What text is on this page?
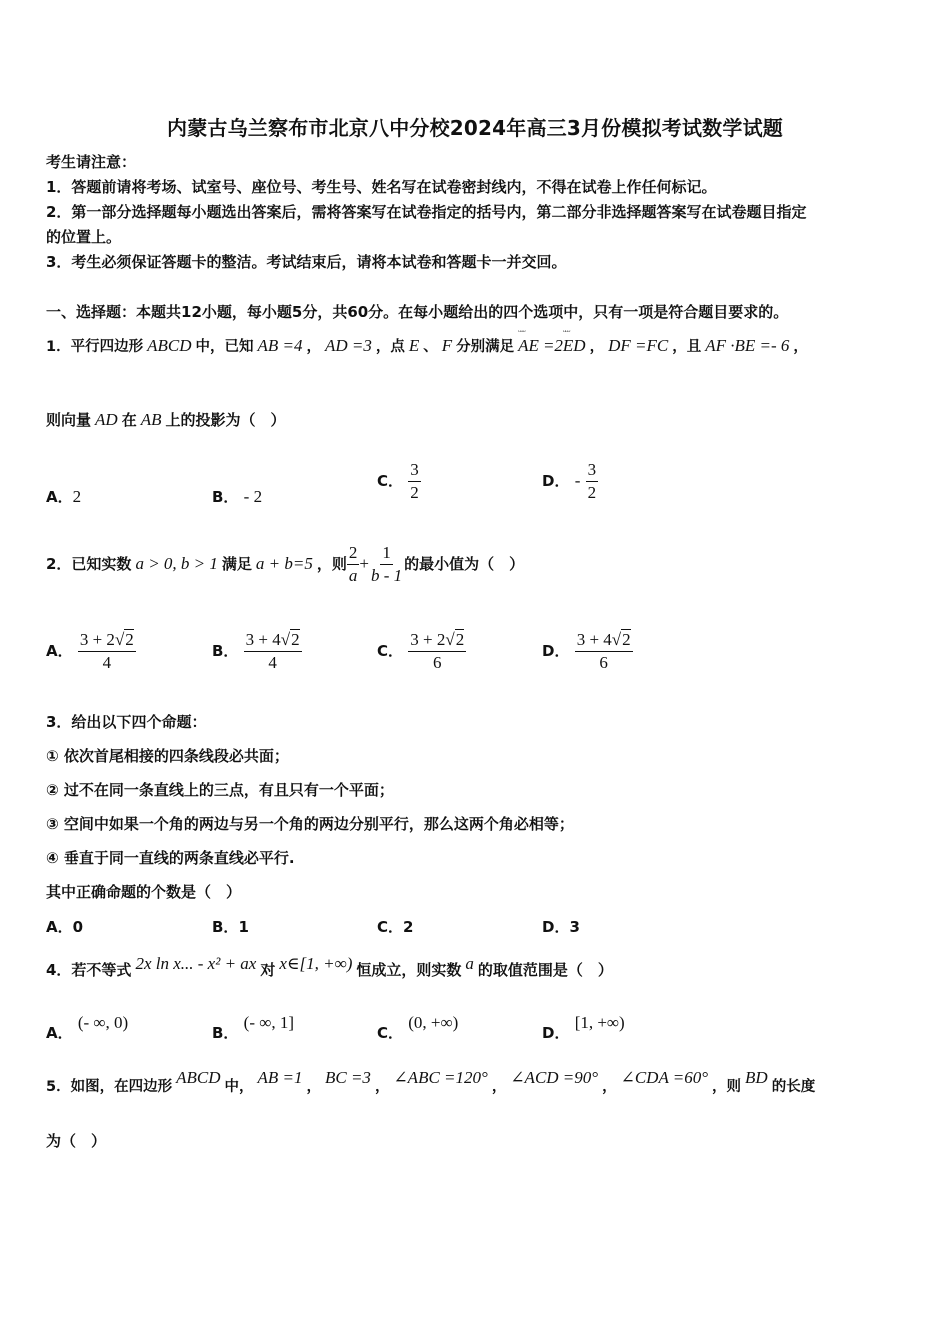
内蒙古乌兰察布市北京八中分校2024年高三3月份模拟考试数学试题
考生请注意：
1．答题前请将考场、试室号、座位号、考生号、姓名写在试卷密封线内，不得在试卷上作任何标记。
2．第一部分选择题每小题选出答案后，需将答案写在试卷指定的括号内，第二部分非选择题答案写在试卷题目指定
的位置上。
3．考生必须保证答题卡的整洁。考试结束后，请将本试卷和答题卡一并交回。
一、选择题：本题共12小题，每小题5分，共60分。在每小题给出的四个选项中，只有一项是符合题目要求的。
1．平行四边形 ABCD 中，已知 AB =4 ， AD =3 ，点 E 、 F 分别满足ᵕᵕᵕ AE =2ᵕᵕᵕ ED ， DF =FC ，且 AF ·BE =- 6 ，
则向量 AD 在 AB 上的投影为（　）
A．2	B． - 2
C． $\frac{3}{2}$	D． - $\frac{3}{2}$
2．已知实数 a > 0, b > 1 满足 a + b=5 ，则 $\frac{2}{a} + \frac{1}{b - 1}$ 的最小值为（　）
A． $\frac{3 + 2√2}{4}$	B． $\frac{3 + 4√2}{4}$	C． $\frac{3 + 2√2}{6}$	D． $\frac{3 + 4√2}{6}$
3．给出以下四个命题：
① 依次首尾相接的四条线段必共面；
② 过不在同一条直线上的三点，有且只有一个平面；
③ 空间中如果一个角的两边与另一个角的两边分别平行，那么这两个角必相等；
④ 垂直于同一直线的两条直线必平行.
其中正确命题的个数是（　）
A．0	B．1	C．2	D．3
4．若不等式 2x ln x... - x² + ax 对 x∈[1, +∞) 恒成立，则实数 a 的取值范围是（　）
A． (- ∞, 0)
B． (- ∞, 1]
C． (0, +∞)
D． [1, +∞)
5．如图，在四边形 ABCD 中， AB =1 ， BC =3 ， ∠ABC =120° ， ∠ACD =90° ， ∠CDA =60° ，则 BD 的长度
为（　）
